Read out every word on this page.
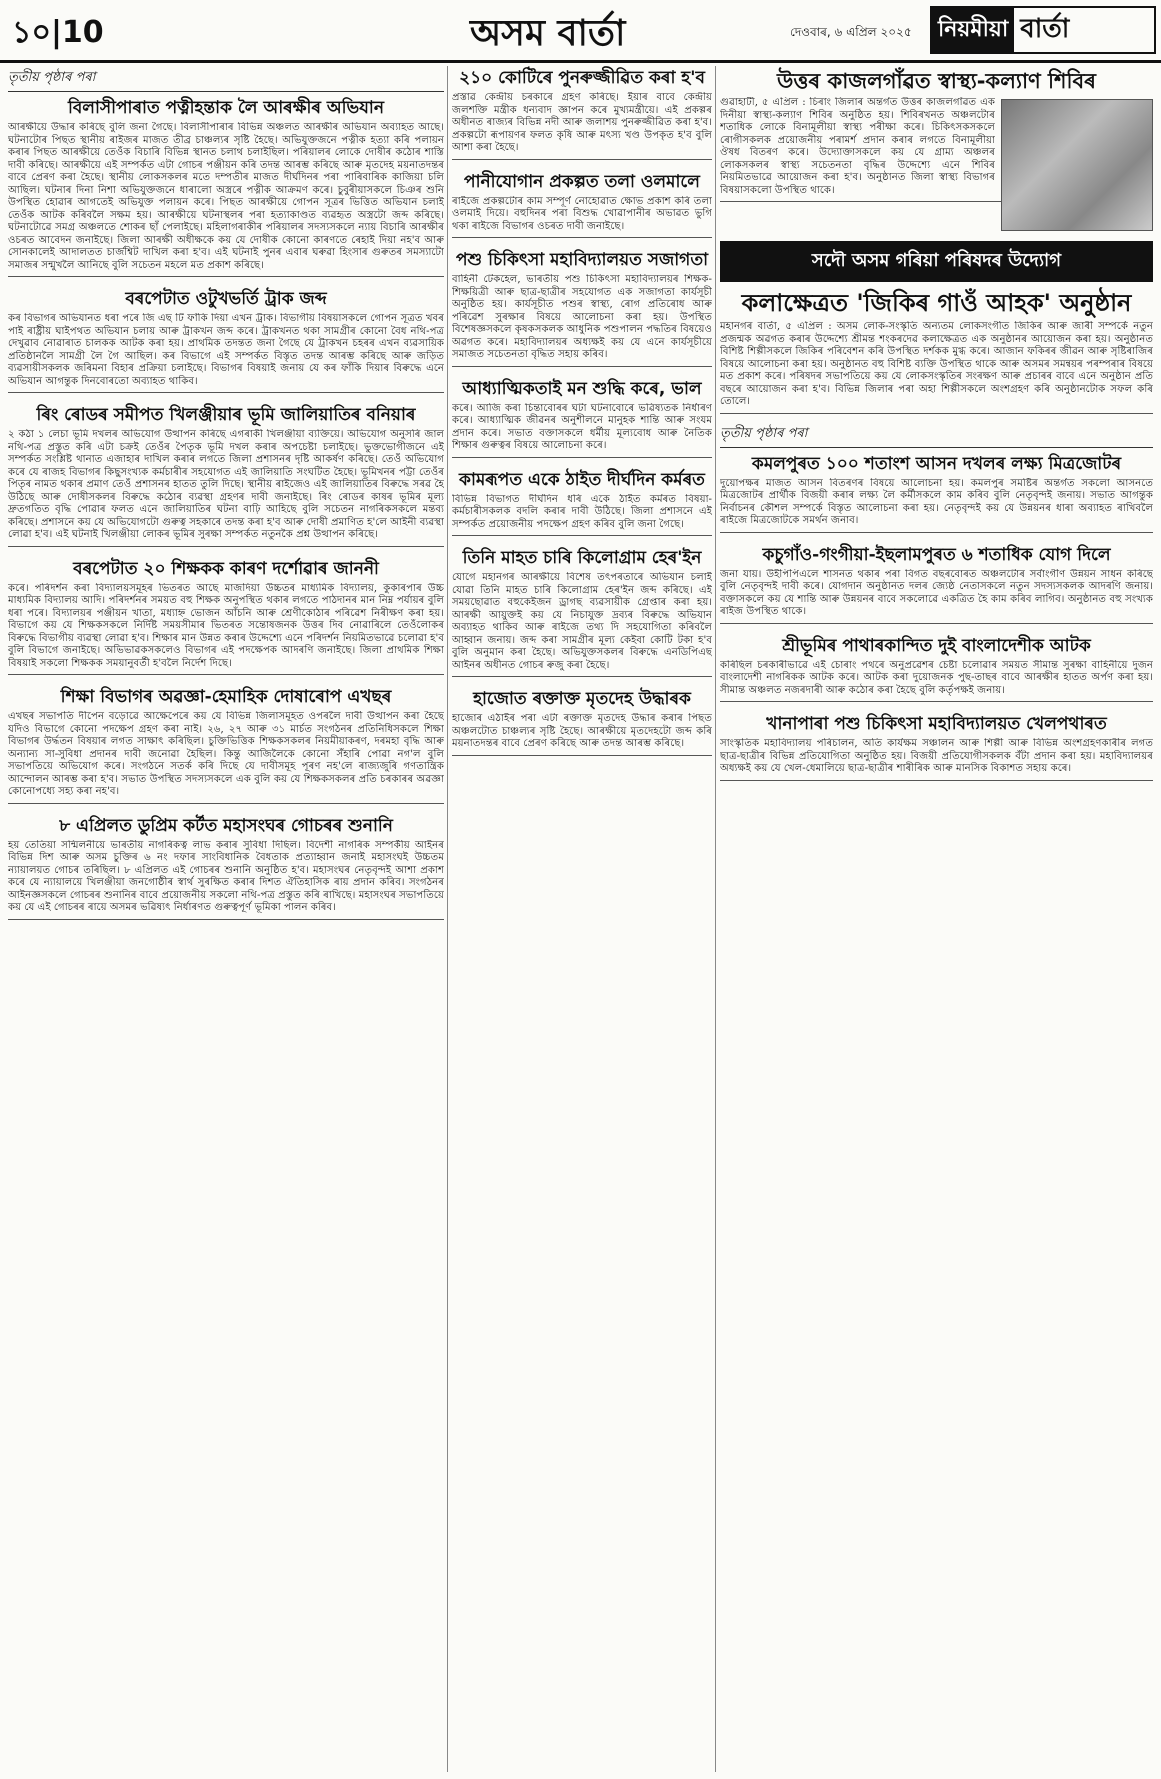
১০|10	অসম বাৰ্তা	দেওবাৰ, ৬ এপ্ৰিল ২০২৫ নিয়মীয়া বাৰ্তা
তৃতীয় পৃষ্ঠাৰ পৰা
বিলাসীপাৰাত পত্নীহন্তাক লৈ আৰক্ষীৰ অভিযান
আৰক্ষীয়ে উদ্ধাৰ কৰিছে বুলি জনা গৈছে। বিলাসীপাৰাৰ বিভিন্ন অঞ্চলত আৰক্ষীৰ অভিযান অব্যাহত আছে। ঘটনাটোৰ পিছত স্থানীয় ৰাইজৰ মাজত তীব্ৰ চাঞ্চল্যৰ সৃষ্টি হৈছে। অভিযুক্তজনে পত্নীক হত্যা কৰি পলায়ন কৰাৰ পিছত আৰক্ষীয়ে তেওঁক বিচাৰি বিভিন্ন স্থানত চলাথ চলাইছিল। পৰিয়ালৰ লোকে দোষীৰ কঠোৰ শাস্তি দাবী কৰিছে। আৰক্ষীয়ে এই সম্পৰ্কত এটা গোচৰ পঞ্জীয়ন কৰি তদন্ত আৰম্ভ কৰিছে আৰু মৃতদেহ ময়নাতদন্তৰ বাবে প্ৰেৰণ কৰা হৈছে। স্থানীয় লোকসকলৰ মতে দম্পতীৰ মাজত দীৰ্ঘদিনৰ পৰা পাৰিবাৰিক কাজিয়া চলি আছিল। ঘটনাৰ দিনা নিশা অভিযুক্তজনে ধাৰালো অস্ত্ৰৰে পত্নীক আক্ৰমণ কৰে। চুবুৰীয়াসকলে চিঞৰ শুনি উপস্থিত হোৱাৰ আগতেই অভিযুক্ত পলায়ন কৰে। পিছত আৰক্ষীয়ে গোপন সূত্ৰৰ ভিত্তিত অভিযান চলাই তেওঁক আটক কৰিবলৈ সক্ষম হয়। আৰক্ষীয়ে ঘটনাস্থলৰ পৰা হত্যাকাণ্ডত ব্যৱহৃত অস্ত্ৰটো জব্দ কৰিছে। ঘটনাটোৱে সমগ্ৰ অঞ্চলতে শোকৰ ছাঁ পেলাইছে। মহিলাগৰাকীৰ পৰিয়ালৰ সদস্যসকলে ন্যায় বিচাৰি আৰক্ষীৰ ওচৰত আবেদন জনাইছে। জিলা আৰক্ষী অধীক্ষকে কয় যে দোষীক কোনো কাৰণতে ৰেহাই দিয়া নহ'ব আৰু সোনকালেই আদালতত চাৰ্জশ্বিট দাখিল কৰা হ'ব। এই ঘটনাই পুনৰ এবাৰ ঘৰুৱা হিংসাৰ গুৰুতৰ সমস্যাটো সমাজৰ সন্মুখলৈ আনিছে বুলি সচেতন মহলে মত প্ৰকাশ কৰিছে।
বৰপেটাত ওটুখভৰ্তি ট্ৰাক জব্দ
কৰ বিভাগৰ অভিযানত ধৰা পৰে জি এছ টি ফাঁকি দিয়া এখন ট্ৰাক। বিভাগীয় বিষয়াসকলে গোপন সূত্ৰত খবৰ পাই ৰাষ্ট্ৰীয় ঘাইপথত অভিযান চলায় আৰু ট্ৰাকখন জব্দ কৰে। ট্ৰাকখনত থকা সামগ্ৰীৰ কোনো বৈধ নথি-পত্ৰ দেখুৱাব নোৱাৰাত চালকক আটক কৰা হয়। প্ৰাথমিক তদন্তত জনা গৈছে যে ট্ৰাকখন চহৰৰ এখন ব্যৱসায়িক প্ৰতিষ্ঠানলৈ সামগ্ৰী লৈ গৈ আছিল। কৰ বিভাগে এই সম্পৰ্কত বিস্তৃত তদন্ত আৰম্ভ কৰিছে আৰু জড়িত ব্যৱসায়ীসকলক জৰিমনা বিহাৰ প্ৰক্ৰিয়া চলাইছে। বিভাগৰ বিষয়াই জনায় যে কৰ ফাঁকি দিয়াৰ বিৰুদ্ধে এনে অভিযান আগন্তুক দিনবোৰতো অব্যাহত থাকিব।
ৰিং ৰোডৰ সমীপত খিলঞ্জীয়াৰ ভূমি জালিয়াতিৰ বনিয়াৰ
২ কঠা ১ লেচা ভূমি দখলৰ অভিযোগ উত্থাপন কৰিছে এগৰাকী খিলঞ্জীয়া ব্যক্তিয়ে। অভিযোগ অনুসৰি জাল নথি-পত্ৰ প্ৰস্তুত কৰি এটা চক্ৰই তেওঁৰ পৈতৃক ভূমি দখল কৰাৰ অপচেষ্টা চলাইছে। ভুক্তভোগীজনে এই সম্পৰ্কত সংশ্লিষ্ট থানাত এজাহাৰ দাখিল কৰাৰ লগতে জিলা প্ৰশাসনৰ দৃষ্টি আকৰ্ষণ কৰিছে। তেওঁ অভিযোগ কৰে যে ৰাজহ বিভাগৰ কিছুসংখ্যক কৰ্মচাৰীৰ সহযোগত এই জালিয়াতি সংঘটিত হৈছে। ভূমিখনৰ পট্টা তেওঁৰ পিতৃৰ নামত থকাৰ প্ৰমাণ তেওঁ প্ৰশাসনৰ হাতত তুলি দিছে। স্থানীয় ৰাইজেও এই জালিয়াতিৰ বিৰুদ্ধে সৰৱ হৈ উঠিছে আৰু দোষীসকলৰ বিৰুদ্ধে কঠোৰ ব্যৱস্থা গ্ৰহণৰ দাবী জনাইছে। ৰিং ৰোডৰ কাষৰ ভূমিৰ মূল্য দ্ৰুতগতিত বৃদ্ধি পোৱাৰ ফলত এনে জালিয়াতিৰ ঘটনা বাঢ়ি আহিছে বুলি সচেতন নাগৰিকসকলে মন্তব্য কৰিছে। প্ৰশাসনে কয় যে অভিযোগটো গুৰুত্ব সহকাৰে তদন্ত কৰা হ'ব আৰু দোষী প্ৰমাণিত হ'লে আইনী ব্যৱস্থা লোৱা হ'ব। এই ঘটনাই খিলঞ্জীয়া লোকৰ ভূমিৰ সুৰক্ষা সম্পৰ্কত নতুনকৈ প্ৰশ্ন উত্থাপন কৰিছে।
বৰপেটাত ২০ শিক্ষকক কাৰণ দৰ্শোৱাৰ জাননী
কৰে। পৰিদৰ্শন কৰা বিদ্যালয়সমূহৰ ভিতৰত আছে মাজদিয়া উচ্চতৰ মাধ্যমিক বিদ্যালয়, কুকাৰপাৰ উচ্চ মাধ্যমিক বিদ্যালয় আদি। পৰিদৰ্শনৰ সময়ত বহু শিক্ষক অনুপস্থিত থকাৰ লগতে পাঠদানৰ মান নিম্ন পৰ্যায়ৰ বুলি ধৰা পৰে। বিদ্যালয়ৰ পঞ্জীয়ন খাতা, মধ্যাহ্ন ভোজন আঁচনি আৰু শ্ৰেণীকোঠাৰ পৰিৱেশ নিৰীক্ষণ কৰা হয়। বিভাগে কয় যে শিক্ষকসকলে নিৰ্দিষ্ট সময়সীমাৰ ভিতৰত সন্তোষজনক উত্তৰ দিব নোৱাৰিলে তেওঁলোকৰ বিৰুদ্ধে বিভাগীয় ব্যৱস্থা লোৱা হ'ব। শিক্ষাৰ মান উন্নত কৰাৰ উদ্দেশ্যে এনে পৰিদৰ্শন নিয়মিতভাৱে চলোৱা হ'ব বুলি বিভাগে জনাইছে। অভিভাৱকসকলেও বিভাগৰ এই পদক্ষেপক আদৰণি জনাইছে। জিলা প্ৰাথমিক শিক্ষা বিষয়াই সকলো শিক্ষকক সময়ানুবৰ্তী হ'বলৈ নিৰ্দেশ দিছে।
শিক্ষা বিভাগৰ অৱজ্ঞা-হেমাহিক দোষাৰোপ এখছৰ
এখছৰ সভাপতি দীপেন বড়োৱে আক্ষেপেৰে কয় যে বিভিন্ন জিলাসমূহত ওপৰলৈ দাবী উত্থাপন কৰা হৈছে যদিও বিভাগে কোনো পদক্ষেপ গ্ৰহণ কৰা নাই। ২৬, ২৭ আৰু ৩১ মাৰ্চত সংগঠনৰ প্ৰতিনিধিসকলে শিক্ষা বিভাগৰ উৰ্দ্ধতন বিষয়াৰ লগত সাক্ষাৎ কৰিছিল। চুক্তিভিত্তিক শিক্ষকসকলৰ নিয়মীয়াকৰণ, দৰমহা বৃদ্ধি আৰু অন্যান্য সা-সুবিধা প্ৰদানৰ দাবী জনোৱা হৈছিল। কিন্তু আজিলৈকে কোনো সঁহাৰি পোৱা নগ'ল বুলি সভাপতিয়ে অভিযোগ কৰে। সংগঠনে সতৰ্ক কৰি দিছে যে দাবীসমূহ পূৰণ নহ'লে ৰাজ্যজুৰি গণতান্ত্ৰিক আন্দোলন আৰম্ভ কৰা হ'ব। সভাত উপস্থিত সদস্যসকলে এক বুলি কয় যে শিক্ষকসকলৰ প্ৰতি চৰকাৰৰ অৱজ্ঞা কোনোপধ্যে সহ্য কৰা নহ'ব।
৮ এপ্ৰিলত ডুপ্ৰিম কৰ্টত মহাসংঘৰ গোচৰৰ শুনানি
হয় তেতিয়া সন্মিলনীয়ে ভাৰতীয় নাগৰিকত্ব লাভ কৰাৰ সুবিধা দিছিল। বিদেশী নাগৰিক সম্পৰ্কীয় আইনৰ বিভিন্ন দিশ আৰু অসম চুক্তিৰ ৬ নং দফাৰ সাংবিধানিক বৈধতাক প্ৰত্যাহ্বান জনাই মহাসংঘই উচ্চতম ন্যায়ালয়ত গোচৰ তৰিছিল। ৮ এপ্ৰিলত এই গোচৰৰ শুনানি অনুষ্ঠিত হ'ব। মহাসংঘৰ নেতৃবৃন্দই আশা প্ৰকাশ কৰে যে ন্যায়ালয়ে খিলঞ্জীয়া জনগোষ্ঠীৰ স্বাৰ্থ সুৰক্ষিত কৰাৰ দিশত ঐতিহাসিক ৰায় প্ৰদান কৰিব। সংগঠনৰ আইনজ্ঞসকলে গোচৰৰ শুনানিৰ বাবে প্ৰয়োজনীয় সকলো নথি-পত্ৰ প্ৰস্তুত কৰি ৰাখিছে। মহাসংঘৰ সভাপতিয়ে কয় যে এই গোচৰৰ ৰায়ে অসমৰ ভৱিষ্যৎ নিৰ্ধাৰণত গুৰুত্বপূৰ্ণ ভূমিকা পালন কৰিব।
২১০ কোটিৰে পুনৰুজ্জীৱিত কৰা হ'ব
প্ৰস্তাৱ কেন্দ্ৰীয় চৰকাৰে গ্ৰহণ কৰিছে। ইয়াৰ বাবে কেন্দ্ৰীয় জলশক্তি মন্ত্ৰীক ধন্যবাদ জ্ঞাপন কৰে মুখ্যমন্ত্ৰীয়ে। এই প্ৰকল্পৰ অধীনত ৰাজ্যৰ বিভিন্ন নদী আৰু জলাশয় পুনৰুজ্জীৱিত কৰা হ'ব। প্ৰকল্পটো ৰূপায়ণৰ ফলত কৃষি আৰু মৎস্য খণ্ড উপকৃত হ'ব বুলি আশা কৰা হৈছে।
পানীযোগান প্ৰকল্পত তলা ওলমালে
ৰাইজে প্ৰকল্পটোৰ কাম সম্পূৰ্ণ নোহোৱাত ক্ষোভ প্ৰকাশ কৰি তলা ওলমাই দিয়ে। বহুদিনৰ পৰা বিশুদ্ধ খোৱাপানীৰ অভাৱত ভুগি থকা ৰাইজে বিভাগৰ ওচৰত দাবী জনাইছে।
পশু চিকিৎসা মহাবিদ্যালয়ত সজাগতা
বাহিনী টেকহেল, ভাৰতীয় পশু চিকিৎসা মহাবিদ্যালয়ৰ শিক্ষক-শিক্ষয়িত্ৰী আৰু ছাত্ৰ-ছাত্ৰীৰ সহযোগত এক সজাগতা কাৰ্যসূচী অনুষ্ঠিত হয়। কাৰ্যসূচীত পশুৰ স্বাস্থ্য, ৰোগ প্ৰতিৰোধ আৰু পৰিৱেশ সুৰক্ষাৰ বিষয়ে আলোচনা কৰা হয়। উপস্থিত বিশেষজ্ঞসকলে কৃষকসকলক আধুনিক পশুপালন পদ্ধতিৰ বিষয়েও অৱগত কৰে। মহাবিদ্যালয়ৰ অধ্যক্ষই কয় যে এনে কাৰ্যসূচীয়ে সমাজত সচেতনতা বৃদ্ধিত সহায় কৰিব।
আধ্যাত্মিকতাই মন শুদ্ধি কৰে, ভাল
কৰে। আজি কৰা চিন্তাবোৰৰ ঘটা ঘটনাবোৰে ভৱিষ্যতক নিৰ্ধাৰণ কৰে। আধ্যাত্মিক জীৱনৰ অনুশীলনে মানুহক শান্তি আৰু সংযম প্ৰদান কৰে। সভাত বক্তাসকলে ধৰ্মীয় মূল্যবোধ আৰু নৈতিক শিক্ষাৰ গুৰুত্বৰ বিষয়ে আলোচনা কৰে।
কামৰূপত একে ঠাইত দীৰ্ঘদিন কৰ্মৰত
বিভিন্ন বিভাগত দীৰ্ঘদিন ধৰি একে ঠাইত কৰ্মৰত বিষয়া-কৰ্মচাৰীসকলক বদলি কৰাৰ দাবী উঠিছে। জিলা প্ৰশাসনে এই সম্পৰ্কত প্ৰয়োজনীয় পদক্ষেপ গ্ৰহণ কৰিব বুলি জনা গৈছে।
তিনি মাহত চাৰি কিলোগ্ৰাম হেৰ'ইন
যোগে মহানগৰ আৰক্ষীয়ে বিশেষ তৎপৰতাৰে অভিযান চলাই যোৱা তিনি মাহত চাৰি কিলোগ্ৰাম হেৰ'ইন জব্দ কৰিছে। এই সময়ছোৱাত বহুকেইজন ড্ৰাগছ ব্যৱসায়ীক গ্ৰেপ্তাৰ কৰা হয়। আৰক্ষী আয়ুক্তই কয় যে নিচাযুক্ত দ্ৰব্যৰ বিৰুদ্ধে অভিযান অব্যাহত থাকিব আৰু ৰাইজে তথ্য দি সহযোগিতা কৰিবলৈ আহ্বান জনায়। জব্দ কৰা সামগ্ৰীৰ মূল্য কেইবা কোটি টকা হ'ব বুলি অনুমান কৰা হৈছে। অভিযুক্তসকলৰ বিৰুদ্ধে এনডিপিএছ আইনৰ অধীনত গোচৰ ৰুজু কৰা হৈছে।
হাজোত ৰক্তাক্ত মৃতদেহ উদ্ধাৰক
হাজোৰ এঠাইৰ পৰা এটা ৰক্তাক্ত মৃতদেহ উদ্ধাৰ কৰাৰ পিছত অঞ্চলটোত চাঞ্চল্যৰ সৃষ্টি হৈছে। আৰক্ষীয়ে মৃতদেহটো জব্দ কৰি ময়নাতদন্তৰ বাবে প্ৰেৰণ কৰিছে আৰু তদন্ত আৰম্ভ কৰিছে।
উত্তৰ কাজলগাঁৱত স্বাস্থ্য-কল্যাণ শিবিৰ
গুৱাহাটী, ৫ এপ্ৰিল : চিৰাং জিলাৰ অন্তৰ্গত উত্তৰ কাজলগাঁৱত এক দিনীয়া স্বাস্থ্য-কল্যাণ শিবিৰ অনুষ্ঠিত হয়। শিবিৰখনত অঞ্চলটোৰ শতাধিক লোকে বিনামূলীয়া স্বাস্থ্য পৰীক্ষা কৰে। চিকিৎসকসকলে ৰোগীসকলক প্ৰয়োজনীয় পৰামৰ্শ প্ৰদান কৰাৰ লগতে বিনামূলীয়া ঔষধ বিতৰণ কৰে। উদ্যোক্তাসকলে কয় যে গ্ৰাম্য অঞ্চলৰ লোকসকলৰ স্বাস্থ্য সচেতনতা বৃদ্ধিৰ উদ্দেশ্যে এনে শিবিৰ নিয়মিতভাৱে আয়োজন কৰা হ'ব। অনুষ্ঠানত জিলা স্বাস্থ্য বিভাগৰ বিষয়াসকলো উপস্থিত থাকে।
সদৌ অসম গৰিয়া পৰিষদৰ উদ্যোগ
কলাক্ষেত্ৰত 'জিকিৰ গাওঁ আহক' অনুষ্ঠান
মহানগৰ বাৰ্তা, ৫ এপ্ৰিল : অসম লোক-সংস্কৃতি অন্যতম লোকসংগীত জিকিৰ আৰু জাৰী সম্পৰ্কে নতুন প্ৰজন্মক অৱগত কৰাৰ উদ্দেশ্যে শ্ৰীমন্ত শংকৰদেৱ কলাক্ষেত্ৰত এক অনুষ্ঠানৰ আয়োজন কৰা হয়। অনুষ্ঠানত বিশিষ্ট শিল্পীসকলে জিকিৰ পৰিবেশন কৰি উপস্থিত দৰ্শকক মুগ্ধ কৰে। আজান ফকিৰৰ জীৱন আৰু সৃষ্টিৰাজিৰ বিষয়ে আলোচনা কৰা হয়। অনুষ্ঠানত বহু বিশিষ্ট ব্যক্তি উপস্থিত থাকে আৰু অসমৰ সমন্বয়ৰ পৰম্পৰাৰ বিষয়ে মত প্ৰকাশ কৰে। পৰিষদৰ সভাপতিয়ে কয় যে লোকসংস্কৃতিৰ সংৰক্ষণ আৰু প্ৰচাৰৰ বাবে এনে অনুষ্ঠান প্ৰতি বছৰে আয়োজন কৰা হ'ব। বিভিন্ন জিলাৰ পৰা অহা শিল্পীসকলে অংশগ্ৰহণ কৰি অনুষ্ঠানটোক সফল কৰি তোলে।
তৃতীয় পৃষ্ঠাৰ পৰা
কমলপুৰত ১০০ শতাংশ আসন দখলৰ লক্ষ্য মিত্ৰজোটৰ
দুয়োপক্ষৰ মাজত আসন বিতৰণৰ বিষয়ে আলোচনা হয়। কমলপুৰ সমষ্টিৰ অন্তৰ্গত সকলো আসনতে মিত্ৰজোটৰ প্ৰাৰ্থীক বিজয়ী কৰাৰ লক্ষ্য লৈ কৰ্মীসকলে কাম কৰিব বুলি নেতৃবৃন্দই জনায়। সভাত আগন্তুক নিৰ্বাচনৰ কৌশল সম্পৰ্কে বিস্তৃত আলোচনা কৰা হয়। নেতৃবৃন্দই কয় যে উন্নয়নৰ ধাৰা অব্যাহত ৰাখিবলৈ ৰাইজে মিত্ৰজোটকে সমৰ্থন জনাব।
কচুগাঁও-গংগীয়া-ইছলামপুৰত ৬ শতাধিক যোগ দিলে
জনা যায়। উইপিপিএলে শাসনত থকাৰ পৰা বিগত বছৰবোৰত অঞ্চলটোৰ সৰ্বাংগীণ উন্নয়ন সাধন কৰিছে বুলি নেতৃবৃন্দই দাবী কৰে। যোগদান অনুষ্ঠানত দলৰ জ্যেষ্ঠ নেতাসকলে নতুন সদস্যসকলক আদৰণি জনায়। বক্তাসকলে কয় যে শান্তি আৰু উন্নয়নৰ বাবে সকলোৱে একত্ৰিত হৈ কাম কৰিব লাগিব। অনুষ্ঠানত বহু সংখ্যক ৰাইজ উপস্থিত থাকে।
শ্ৰীভূমিৰ পাথাৰকান্দিত দুই বাংলাদেশীক আটক
কৰিছিল চৰকাৰীভাৱে এই চোৰাং পথৰে অনুপ্ৰৱেশৰ চেষ্টা চলোৱাৰ সময়ত সীমান্ত সুৰক্ষা বাহিনীয়ে দুজন বাংলাদেশী নাগৰিকক আটক কৰে। আটক কৰা দুয়োজনক পুছ-তাছৰ বাবে আৰক্ষীৰ হাতত অৰ্পণ কৰা হয়। সীমান্ত অঞ্চলত নজৰদাৰী আৰু কঠোৰ কৰা হৈছে বুলি কৰ্তৃপক্ষই জনায়।
খানাপাৰা পশু চিকিৎসা মহাবিদ্যালয়ত খেলপথাৰত
সাংস্কৃতিক মহাবিদ্যালয় পৰিচালন, অতি কাৰ্যক্ষম সঞ্চালন আৰু শিল্পী আৰু বিভিন্ন অংশগ্ৰহণকাৰীৰ লগত ছাত্ৰ-ছাত্ৰীৰ বিভিন্ন প্ৰতিযোগিতা অনুষ্ঠিত হয়। বিজয়ী প্ৰতিযোগীসকলক বঁটা প্ৰদান কৰা হয়। মহাবিদ্যালয়ৰ অধ্যক্ষই কয় যে খেল-ধেমালিয়ে ছাত্ৰ-ছাত্ৰীৰ শাৰীৰিক আৰু মানসিক বিকাশত সহায় কৰে।
